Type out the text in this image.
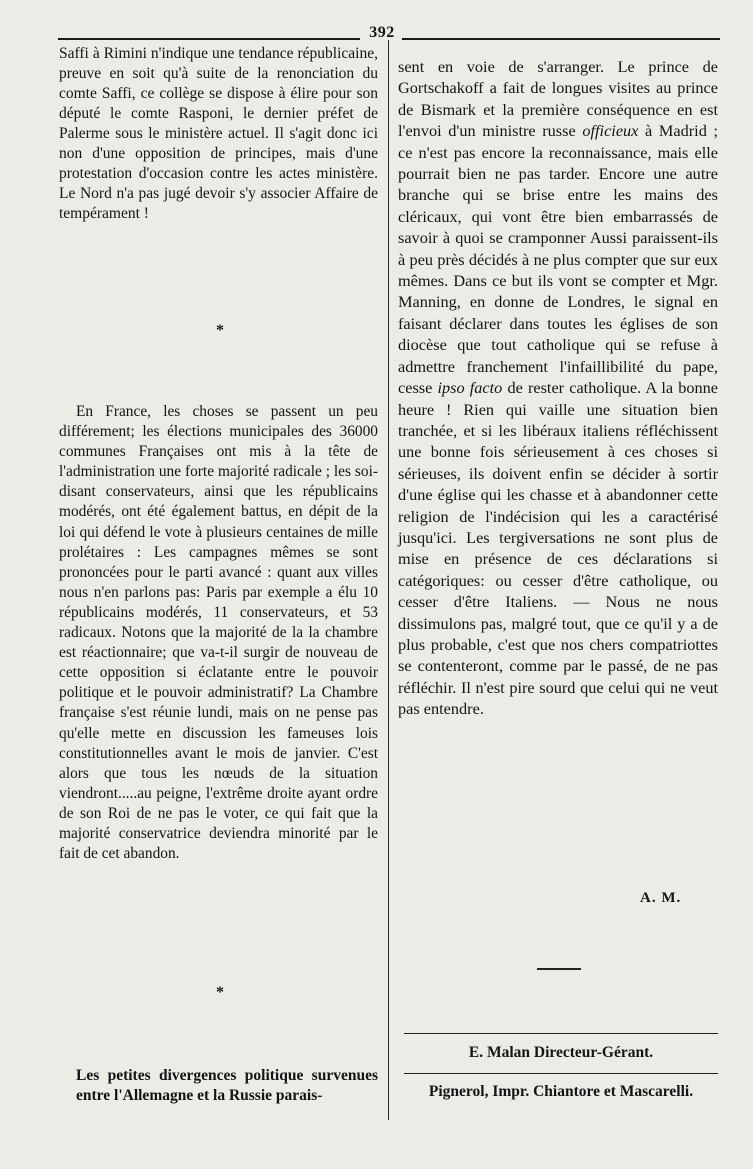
392

Saffi à Rimini n'indique une tendance républicaine, preuve en soit qu'à suite de la renonciation du comte Saffi, ce collège se dispose à élire pour son député le comte Rasponi, le dernier préfet de Palerme sous le ministère actuel. Il s'agit donc ici non d'une opposition de principes, mais d'une protestation d'occasion contre les actes ministère. Le Nord n'a pas jugé devoir s'y associer Affaire de tempérament !

*

En France, les choses se passent un peu différement; les élections municipales des 36000 communes Françaises ont mis à la tête de l'administration une forte majorité radicale ; les soi-disant conservateurs, ainsi que les républicains modérés, ont été également battus, en dépit de la loi qui défend le vote à plusieurs centaines de mille prolétaires : Les campagnes mêmes se sont prononcées pour le parti avancé : quant aux villes nous n'en parlons pas: Paris par exemple a élu 10 républicains modérés, 11 conservateurs, et 53 radicaux. Notons que la majorité de la la chambre est réactionnaire; que va-t-il surgir de nouveau de cette opposition si éclatante entre le pouvoir politique et le pouvoir administratif? La Chambre française s'est réunie lundi, mais on ne pense pas qu'elle mette en discussion les fameuses lois constitutionnelles avant le mois de janvier. C'est alors que tous les nœuds de la situation viendront.....au peigne, l'extrême droite ayant ordre de son Roi de ne pas le voter, ce qui fait que la majorité conservatrice deviendra minorité par le fait de cet abandon.

*

Les petites divergences politique survenues entre l'Allemagne et la Russie parais-

sent en voie de s'arranger. Le prince de Gortschakoff a fait de longues visites au prince de Bismark et la première conséquence en est l'envoi d'un ministre russe officieux à Madrid ; ce n'est pas encore la reconnaissance, mais elle pourrait bien ne pas tarder. Encore une autre branche qui se brise entre les mains des cléricaux, qui vont être bien embarrassés de savoir à quoi se cramponner Aussi paraissent-ils à peu près décidés à ne plus compter que sur eux mêmes. Dans ce but ils vont se compter et Mgr. Manning, en donne de Londres, le signal en faisant déclarer dans toutes les églises de son diocèse que tout catholique qui se refuse à admettre franchement l'infaillibilité du pape, cesse ipso facto de rester catholique. A la bonne heure ! Rien qui vaille une situation bien tranchée, et si les libéraux italiens réfléchissent une bonne fois sérieusement à ces choses si sérieuses, ils doivent enfin se décider à sortir d'une église qui les chasse et à abandonner cette religion de l'indécision qui les a caractérisé jusqu'ici. Les tergiversations ne sont plus de mise en présence de ces déclarations si catégoriques: ou cesser d'être catholique, ou cesser d'être Italiens. — Nous ne nous dissimulons pas, malgré tout, que ce qu'il y a de plus probable, c'est que nos chers compatriottes se contenteront, comme par le passé, de ne pas réfléchir. Il n'est pire sourd que celui qui ne veut pas entendre.

A. M.
E. Malan Directeur-Gérant.
Pignerol, Impr. Chiantore et Mascarelli.
